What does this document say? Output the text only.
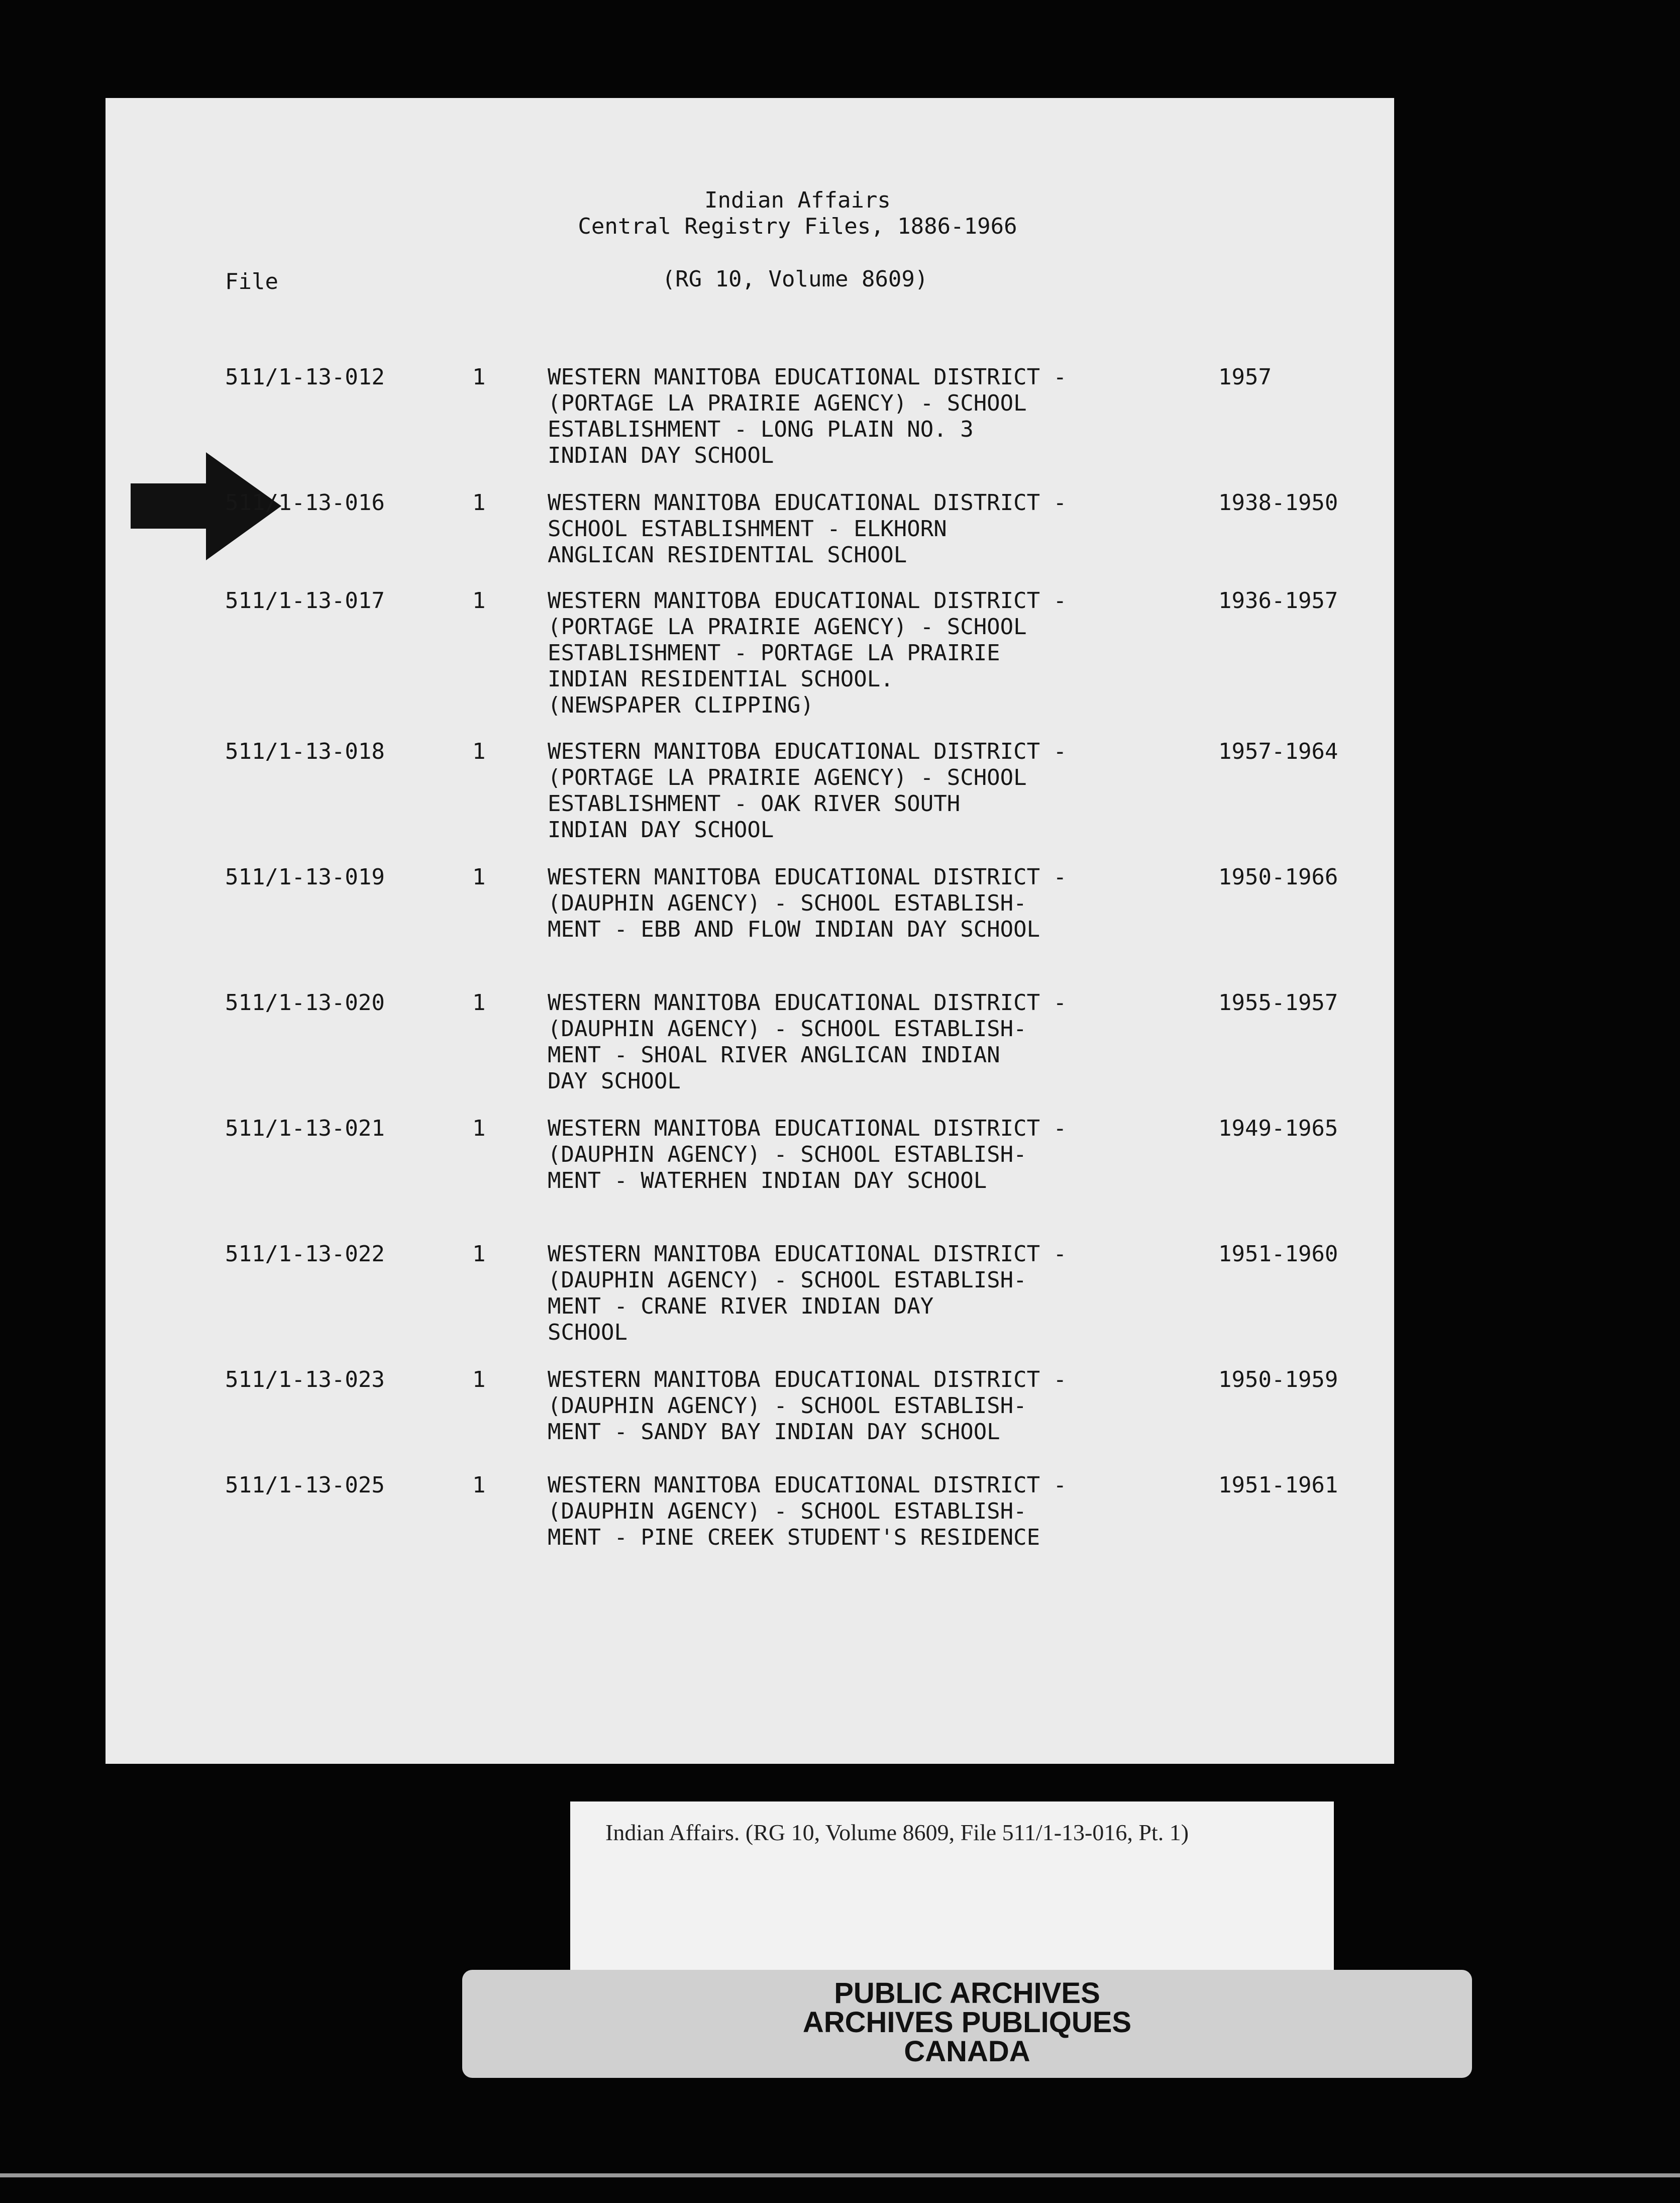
Indian Affairs
Central Registry Files, 1886-1966
(RG 10, Volume 8609)
File
511/1-13-012	1	WESTERN MANITOBA EDUCATIONAL DISTRICT -
(PORTAGE LA PRAIRIE AGENCY) - SCHOOL
ESTABLISHMENT - LONG PLAIN NO. 3
INDIAN DAY SCHOOL
1957
511/1-13-016	1	WESTERN MANITOBA EDUCATIONAL DISTRICT -
SCHOOL ESTABLISHMENT - ELKHORN
ANGLICAN RESIDENTIAL SCHOOL
1938-1950
511/1-13-017	1	WESTERN MANITOBA EDUCATIONAL DISTRICT -
(PORTAGE LA PRAIRIE AGENCY) - SCHOOL
ESTABLISHMENT - PORTAGE LA PRAIRIE
INDIAN RESIDENTIAL SCHOOL.
(NEWSPAPER CLIPPING)
1936-1957
511/1-13-018	1	WESTERN MANITOBA EDUCATIONAL DISTRICT -
(PORTAGE LA PRAIRIE AGENCY) - SCHOOL
ESTABLISHMENT - OAK RIVER SOUTH
INDIAN DAY SCHOOL
1957-1964
511/1-13-019	1	WESTERN MANITOBA EDUCATIONAL DISTRICT -
(DAUPHIN AGENCY) - SCHOOL ESTABLISH-
MENT - EBB AND FLOW INDIAN DAY SCHOOL
1950-1966
511/1-13-020	1	WESTERN MANITOBA EDUCATIONAL DISTRICT -
(DAUPHIN AGENCY) - SCHOOL ESTABLISH-
MENT - SHOAL RIVER ANGLICAN INDIAN
DAY SCHOOL
1955-1957
511/1-13-021	1	WESTERN MANITOBA EDUCATIONAL DISTRICT -
(DAUPHIN AGENCY) - SCHOOL ESTABLISH-
MENT - WATERHEN INDIAN DAY SCHOOL
1949-1965
511/1-13-022	1	WESTERN MANITOBA EDUCATIONAL DISTRICT -
(DAUPHIN AGENCY) - SCHOOL ESTABLISH-
MENT - CRANE RIVER INDIAN DAY
SCHOOL
1951-1960
511/1-13-023	1	WESTERN MANITOBA EDUCATIONAL DISTRICT -
(DAUPHIN AGENCY) - SCHOOL ESTABLISH-
MENT - SANDY BAY INDIAN DAY SCHOOL
1950-1959
511/1-13-025	1	WESTERN MANITOBA EDUCATIONAL DISTRICT -
(DAUPHIN AGENCY) - SCHOOL ESTABLISH-
MENT - PINE CREEK STUDENT'S RESIDENCE
1951-1961
Indian Affairs. (RG 10, Volume 8609, File 511/1-13-016, Pt. 1)
PUBLIC ARCHIVES
ARCHIVES PUBLIQUES
CANADA
